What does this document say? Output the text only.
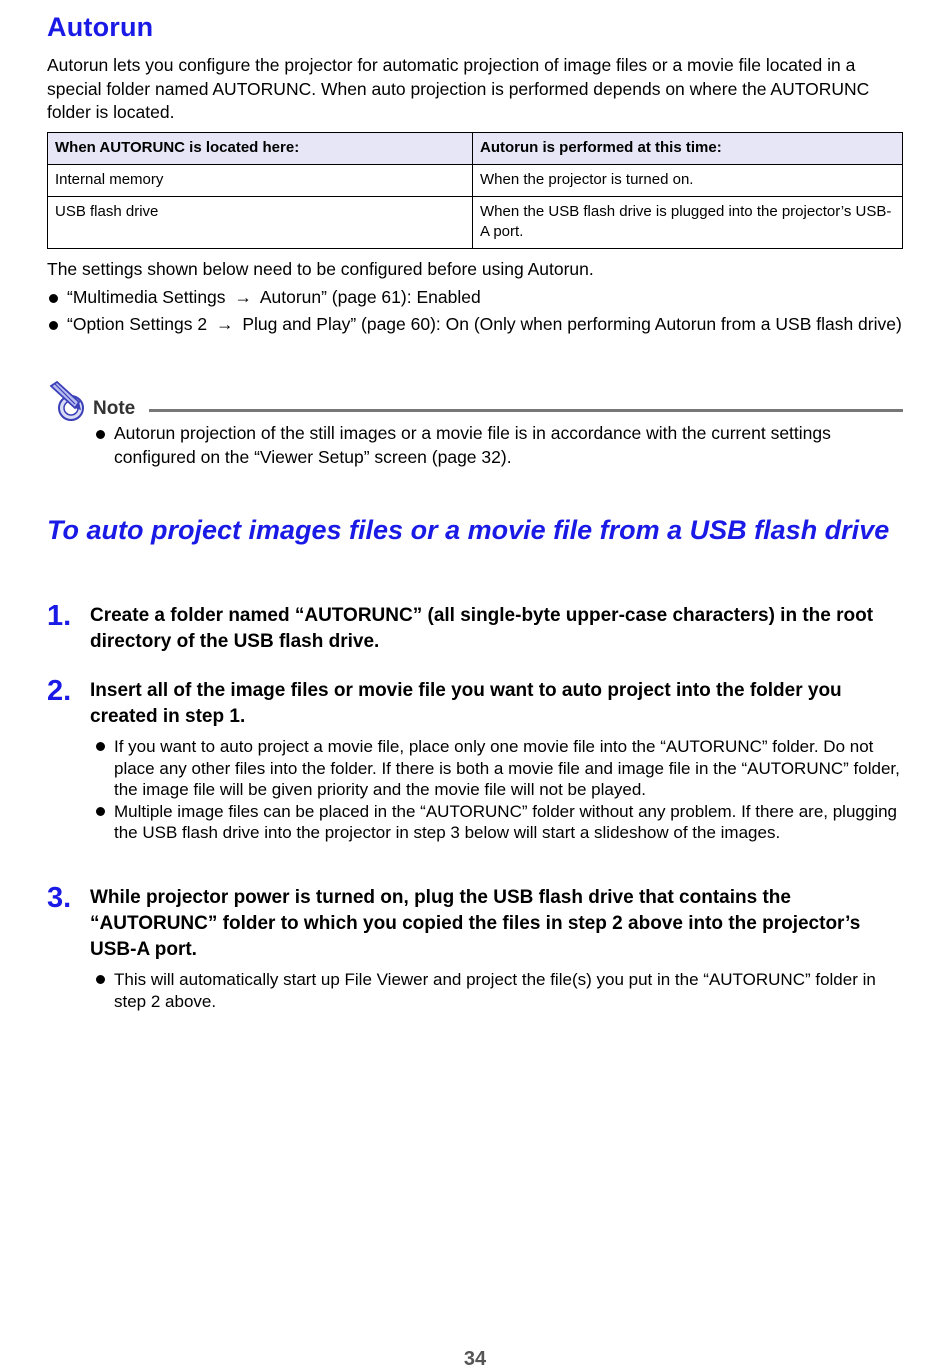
Autorun

Autorun lets you configure the projector for automatic projection of image files or a movie file located in a special folder named AUTORUNC. When auto projection is performed depends on where the AUTORUNC folder is located.

When AUTORUNC is located here:	Autorun is performed at this time:
Internal memory	When the projector is turned on.
USB flash drive	When the USB flash drive is plugged into the projector’s USB-A port.

The settings shown below need to be configured before using Autorun.

“Multimedia Settings → Autorun” (page 61): Enabled
“Option Settings 2 → Plug and Play” (page 60): On (Only when performing Autorun from a USB flash drive)
Note
Autorun projection of the still images or a movie file is in accordance with the current settings configured on the “Viewer Setup” screen (page 32).
To auto project images files or a movie file from a USB flash drive
1. Create a folder named “AUTORUNC” (all single-byte upper-case characters) in the root directory of the USB flash drive.
2. Insert all of the image files or movie file you want to auto project into the folder you created in step 1.
If you want to auto project a movie file, place only one movie file into the “AUTORUNC” folder. Do not place any other files into the folder. If there is both a movie file and image file in the “AUTORUNC” folder, the image file will be given priority and the movie file will not be played.
Multiple image files can be placed in the “AUTORUNC” folder without any problem. If there are, plugging the USB flash drive into the projector in step 3 below will start a slideshow of the images.
3. While projector power is turned on, plug the USB flash drive that contains the “AUTORUNC” folder to which you copied the files in step 2 above into the projector’s USB-A port.
This will automatically start up File Viewer and project the file(s) you put in the “AUTORUNC” folder in step 2 above.
34
